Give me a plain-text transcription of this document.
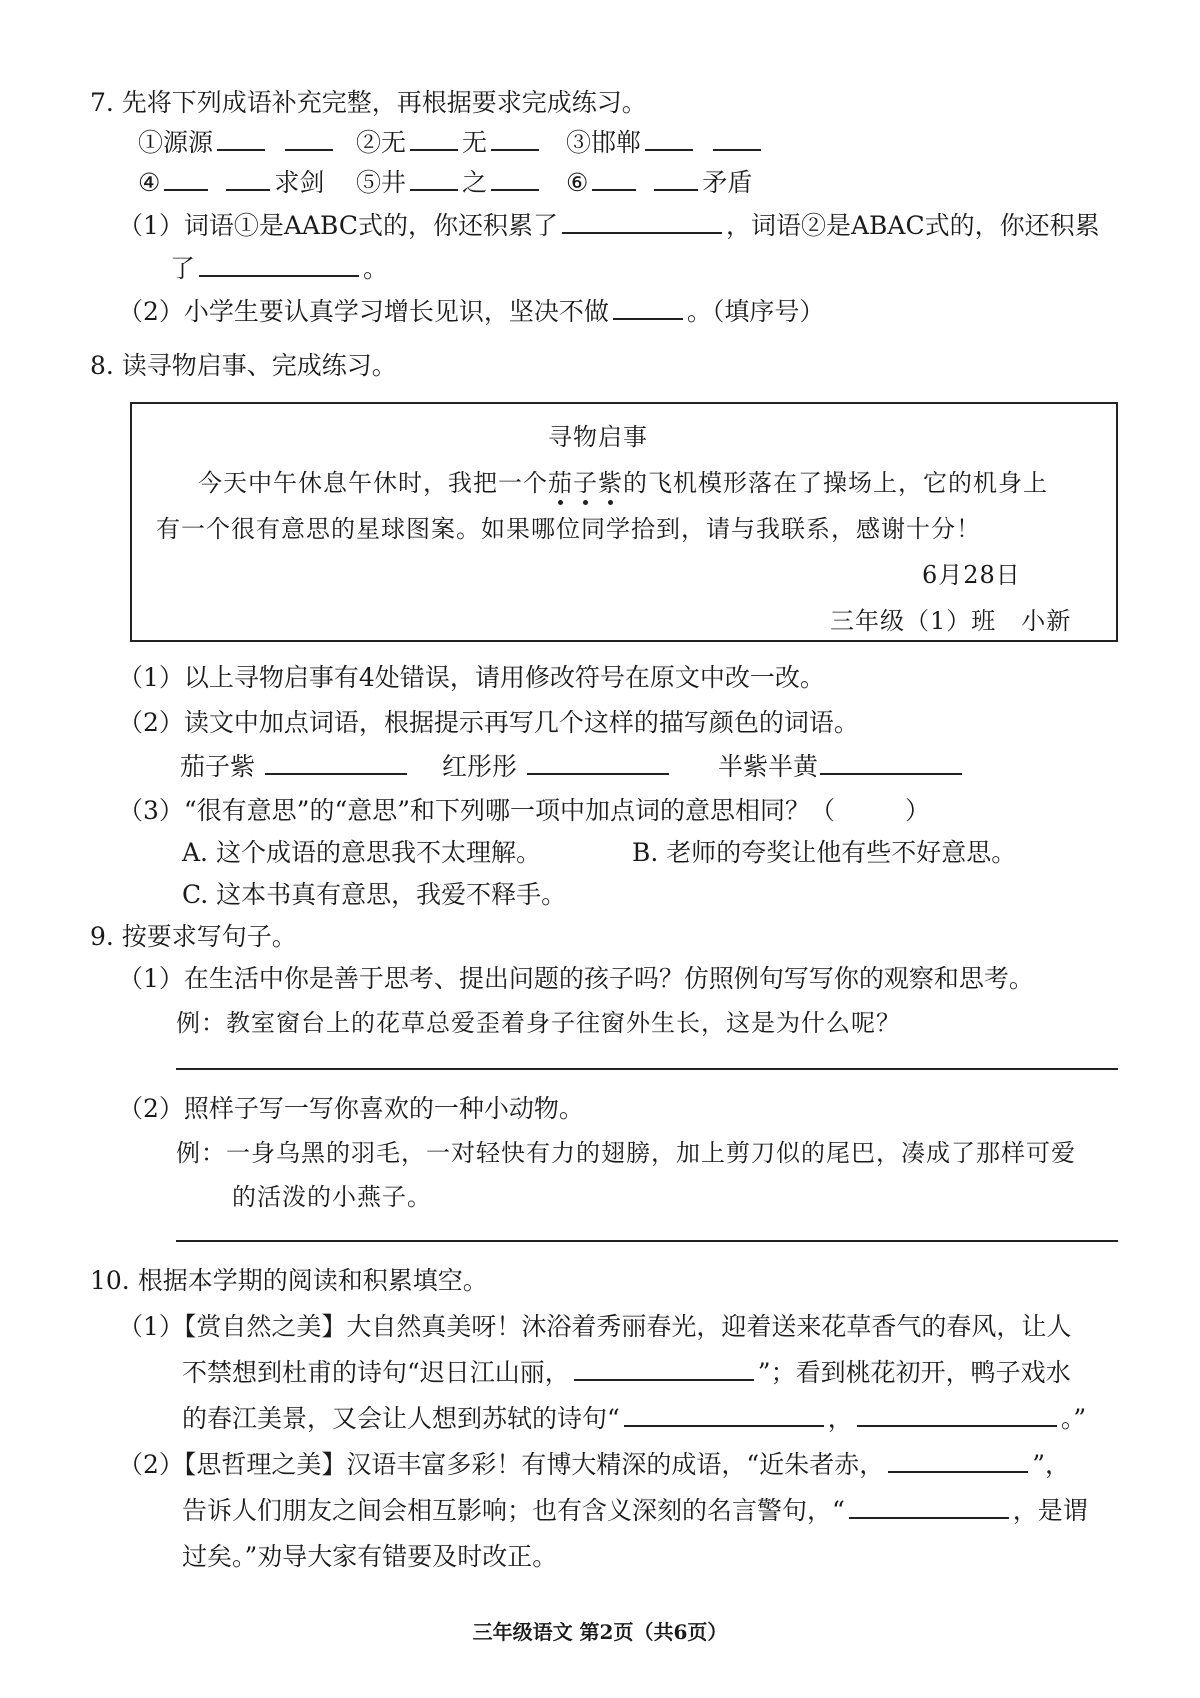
7. 先将下列成语补充完整，再根据要求完成练习。
①源源	②无 无	③邯郸
④	求剑 ⑤井 之	⑥	矛盾
（1）词语①是AABC式的，你还积累了	，词语②是ABAC式的，你还积累
了	。
（2）小学生要认真学习增长见识，坚决不做	。（填序号）
8. 读寻物启事、完成练习。
寻物启事
今天中午休息午休时，我把一个茄子紫的飞机模形落在了操场上，它的机身上
有一个很有意思的星球图案。如果哪位同学拾到，请与我联系，感谢十分！
6月28日
三年级（1）班　小新
（1）以上寻物启事有4处错误，请用修改符号在原文中改一改。
（2）读文中加点词语，根据提示再写几个这样的描写颜色的词语。
茄子紫	红彤彤	半紫半黄
（3）“很有意思”的“意思”和下列哪一项中加点词的意思相同？（	）
A. 这个成语的意思我不太理解。	B. 老师的夸奖让他有些不好意思。
C. 这本书真有意思，我爱不释手。
9. 按要求写句子。
（1）在生活中你是善于思考、提出问题的孩子吗？仿照例句写写你的观察和思考。
例：教室窗台上的花草总爱歪着身子往窗外生长，这是为什么呢？
（2）照样子写一写你喜欢的一种小动物。
例：一身乌黑的羽毛，一对轻快有力的翅膀，加上剪刀似的尾巴，凑成了那样可爱
的活泼的小燕子。
10. 根据本学期的阅读和积累填空。
（1）【赏自然之美】大自然真美呀！沐浴着秀丽春光，迎着送来花草香气的春风，让人
不禁想到杜甫的诗句“迟日江山丽，	”；看到桃花初开，鸭子戏水
的春江美景，又会让人想到苏轼的诗句“	，	。”
（2）【思哲理之美】汉语丰富多彩！有博大精深的成语，“近朱者赤，	”，
告诉人们朋友之间会相互影响；也有含义深刻的名言警句，“	，是谓
过矣。”劝导大家有错要及时改正。
三年级语文 第2页（共6页）
